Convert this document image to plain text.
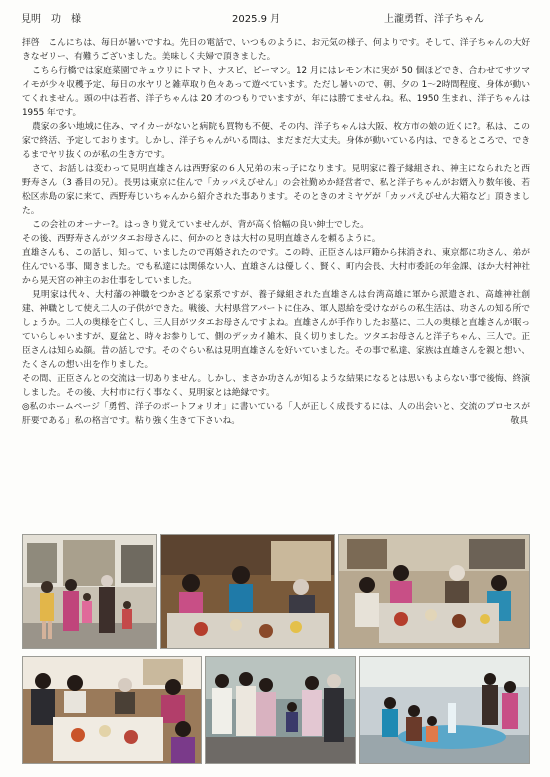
見明　功　様	2025.9 月	上瀧勇哲、洋子ちゃん

拝啓　こんにちは、毎日が暑いですね。先日の電話で、いつものように、お元気の様子、何よりです。そして、洋子ちゃんの大好きなゼリー、有難うございました。美味しく夫婦で頂きました。

こちら行橋では家庭菜園でキュウリにトマト、ナスビ、ピーマン。12 月にはレモン木に実が 50 個ほどでき、合わせてサツマイモが少々収穫予定、毎日の水ヤリと雑草取り色々あって遊べています。ただし暑いので、朝、夕の 1～2時間程度、身体が動いてくれません。頭の中は若者、洋子ちゃんは 20 才のつもりでいますが、年には勝てませんね。私、1950 生まれ、洋子ちゃんは 1955 年です。

農家の多い地域に住み、マイカーがないと病院も買物も不便、その内、洋子ちゃんは大阪、枚方市の娘の近くに?。私は、この家で終活、予定しております。しかし、洋子ちゃんがいる間は、まだまだ大丈夫。身体が動いている内は、できるところで、できるまでヤリ抜くのが私の生き方です。

さて、お話しは変わって見明直雄さんは西野家の６人兄弟の末っ子になります。見明家に養子縁組され、神主になられたと西野寿さん（3 番目の兄）。長男は東京に住んで「カッパえびせん」の会社勤めか経営者で、私と洋子ちゃんがお婿入り数年後、若松区赤島の家に来て、西野寿じいちゃんから紹介された事あります。そのときのオミヤゲが「カッパえびせん大箱など」頂きました。

この会社のオーナー?。はっきり覚えていませんが、背が高く恰幅の良い紳士でした。

その後、西野寿さんがツタエお母さんに、何かのときは大村の見明直雄さんを頼るように。

直雄さんも、この話し、知って、いましたので再婚されたのです。この時、正臣さんは戸籍から抹消され、東京都に功さん、弟が住んでいる事、聞きました。でも私達には関係ない人、直雄さんは優しく、賢く、町内会長、大村市委託の年金課、ほか大村神社から晃天宮の神主のお仕事をしていました。

見明家は代々、大村藩の神職をつかさどる家系ですが、養子縁組された直雄さんは台湾高雄に軍から派遣され、高雄神社創建、神職として使え二人の子供ができた。戦後、大村県営アパートに住み、軍人恩給を受けながらの私生活は、功さんの知る所でしょうか。二人の奥様を亡くし、三人目がツタエお母さんですよね。直雄さんが手作りしたお墓に、二人の奥様と直雄さんが眠っていらしゃいますが、夏盆と、時々お参りして、側のデッカイ雑木、良く切りました。ツタエお母さんと洋子ちゃん、三人で。正臣さんは知らぬ顔。昔の話しです。そのぐらい私は見明直雄さんを好いていました。その事で私達、家族は直雄さんを親と想い、たくさんの想い出を作りました。

その間、正臣さんとの交流は一切ありません。しかし、まさか功さんが知るような結果になるとは思いもよらない事で後悔、終演しました。その後、大村市に行く事なく、見明家とは絶縁です。

◎私のホームページ「勇哲、洋子のポートフォリオ」に書いている「人が正しく成長するには、人の出会いと、交流のプロセスが肝要である」私の格言です。粘り強く生きて下さいね。	敬具
